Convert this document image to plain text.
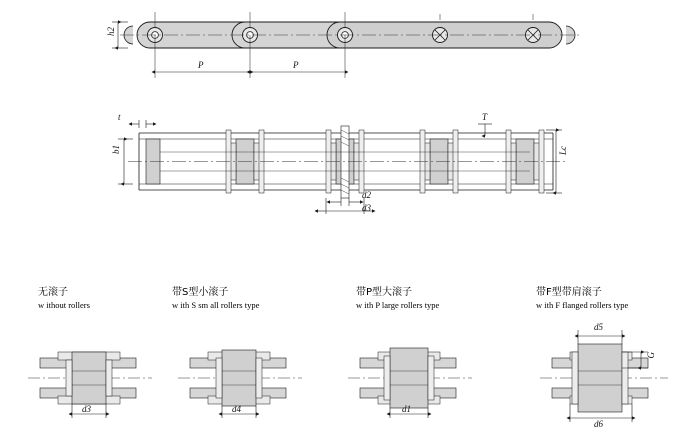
h2
P	P
t
b1
T
Lc
d2
d3
无滚子
w ithout rollers
d3
带S型小滚子
w ith S sm all rollers type
d4
带P型大滚子
w ith P large rollers type
d1
带F型带肩滚子
w ith F flanged rollers type
d5
G
d6
